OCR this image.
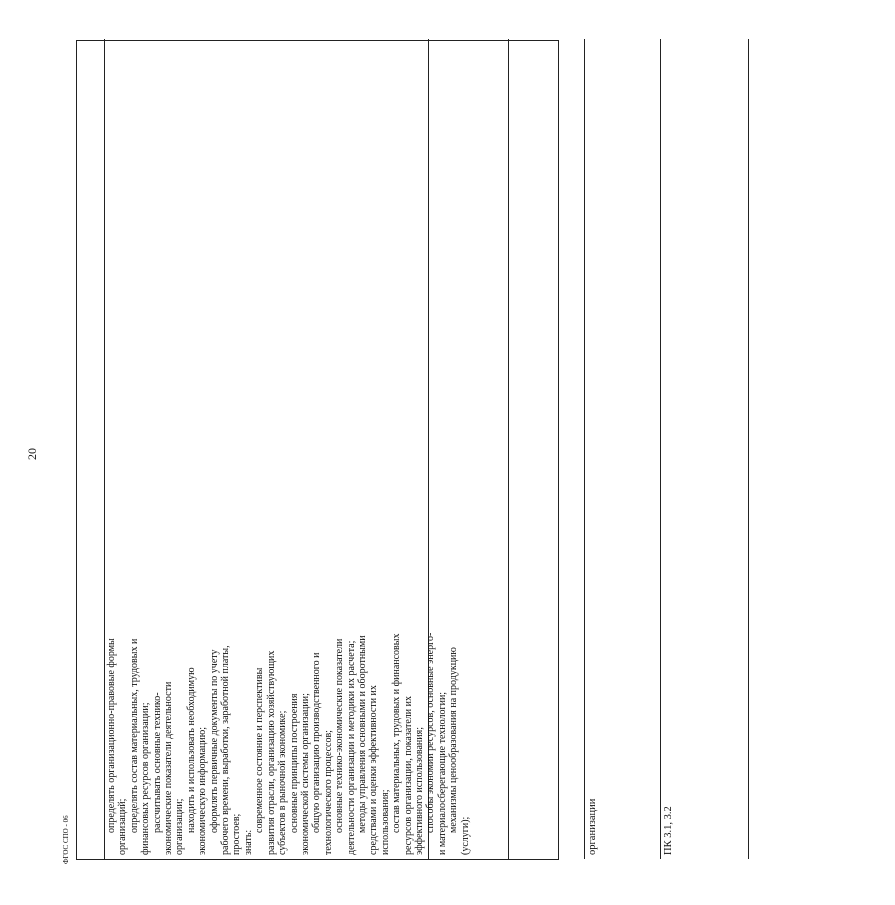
20
определять организационно-правовые формы организаций; определять состав материальных, трудовых и финансовых ресурсов организации; рассчитывать основные технико- экономические показатели деятельности организации; находить и использовать необходимую экономическую информацию; оформлять первичные документы по учету рабочего времени, выработки, заработной платы, простоев; знать:
современное состояние и перспективы развития отрасли, организацию хозяйствующих субъектов в рыночной экономике; основные принципы построения экономической системы организации; общую организацию производственного и технологического процессов; основные технико-экономические показатели деятельности организации и методики их расчета; методы управления основными и оборотными средствами и оценки эффективности их использования; состав материальных, трудовых и финансовых ресурсов организации, показатели их эффективного использования; способы экономии ресурсов, основные энерго- и материалосберегающие технологии; механизмы ценообразования на продукцию
(услуги);	организации	ПК 3.1, 3.2
ФГОС СПО - 06
